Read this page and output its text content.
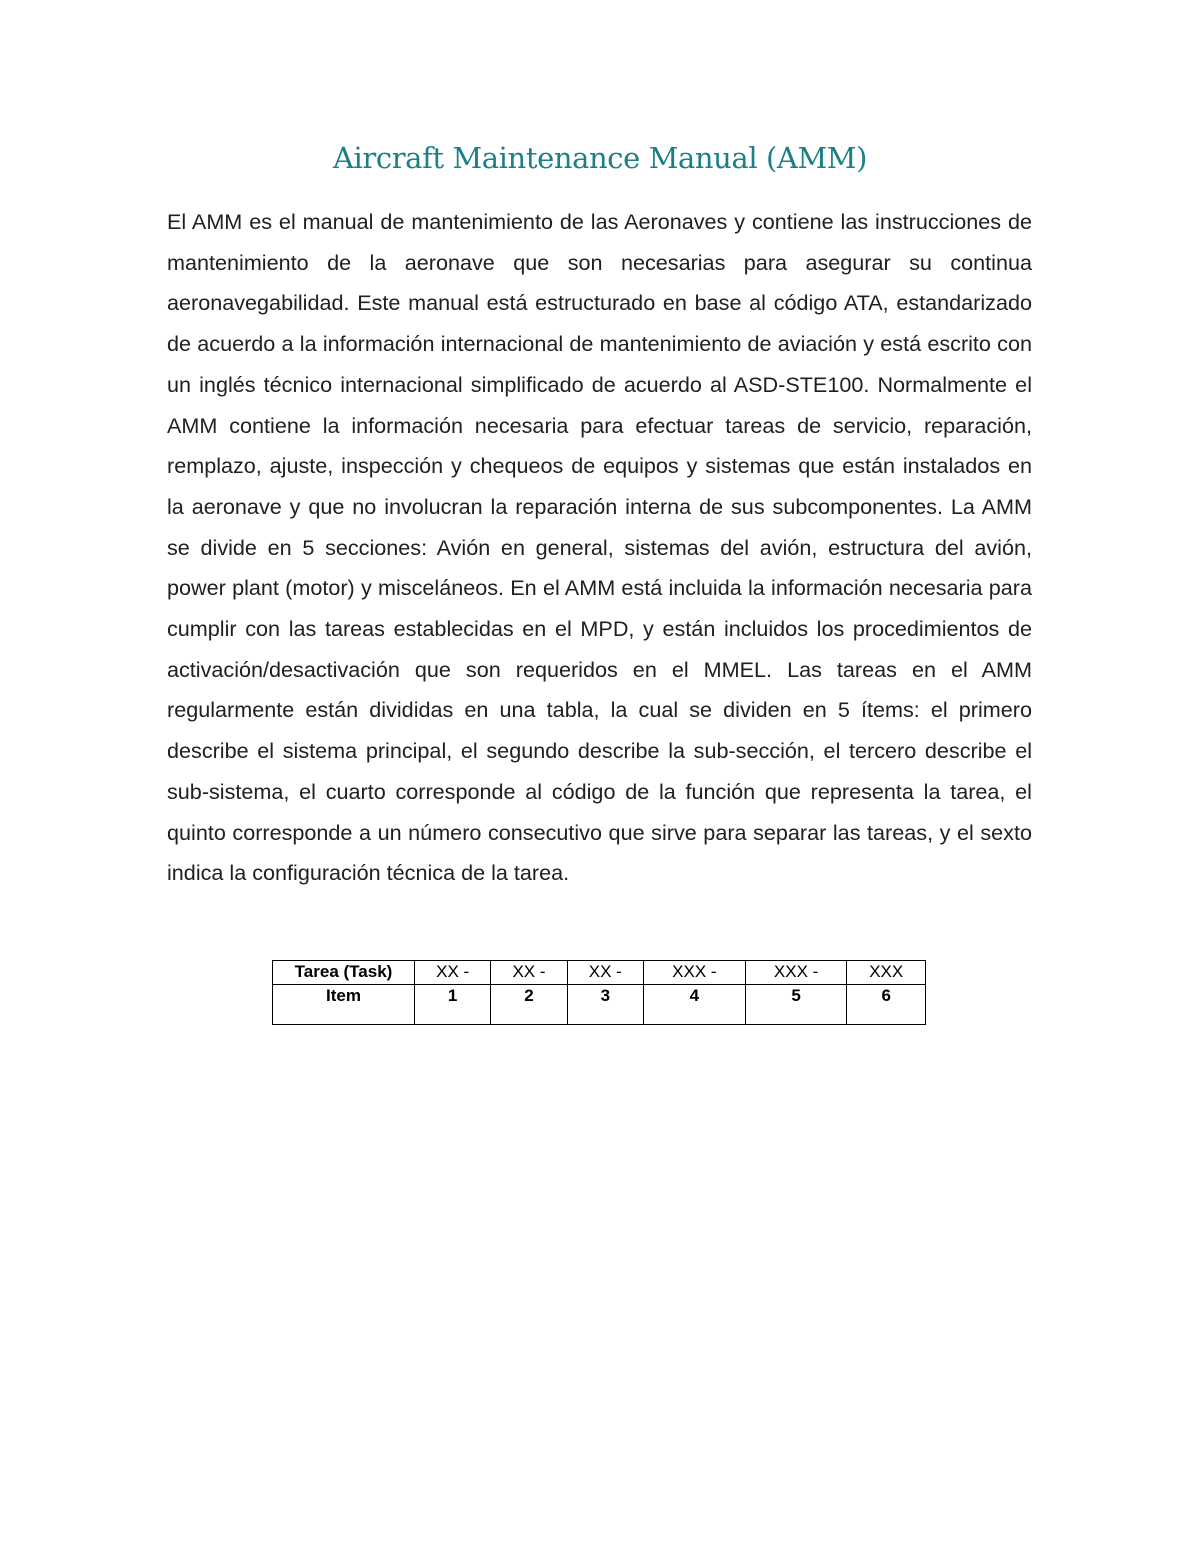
Aircraft Maintenance Manual (AMM)

El AMM es el manual de mantenimiento de las Aeronaves y contiene las instrucciones de mantenimiento de la aeronave que son necesarias para asegurar su continua aeronavegabilidad. Este manual está estructurado en base al código ATA, estandarizado de acuerdo a la información internacional de mantenimiento de aviación y está escrito con un inglés técnico internacional simplificado de acuerdo al ASD-STE100. Normalmente el AMM contiene la información necesaria para efectuar tareas de servicio, reparación, remplazo, ajuste, inspección y chequeos de equipos y sistemas que están instalados en la aeronave y que no involucran la reparación interna de sus subcomponentes. La AMM se divide en 5 secciones: Avión en general, sistemas del avión, estructura del avión, power plant (motor) y misceláneos. En el AMM está incluida la información necesaria para cumplir con las tareas establecidas en el MPD, y están incluidos los procedimientos de activación/desactivación que son requeridos en el MMEL. Las tareas en el AMM regularmente están divididas en una tabla, la cual se dividen en 5 ítems: el primero describe el sistema principal, el segundo describe la sub-sección, el tercero describe el sub-sistema, el cuarto corresponde al código de la función que representa la tarea, el quinto corresponde a un número consecutivo que sirve para separar las tareas, y el sexto indica la configuración técnica de la tarea.

Tarea (Task)	XX -	XX -	XX -	XXX -	XXX -	XXX
Item	1	2	3	4	5	6
